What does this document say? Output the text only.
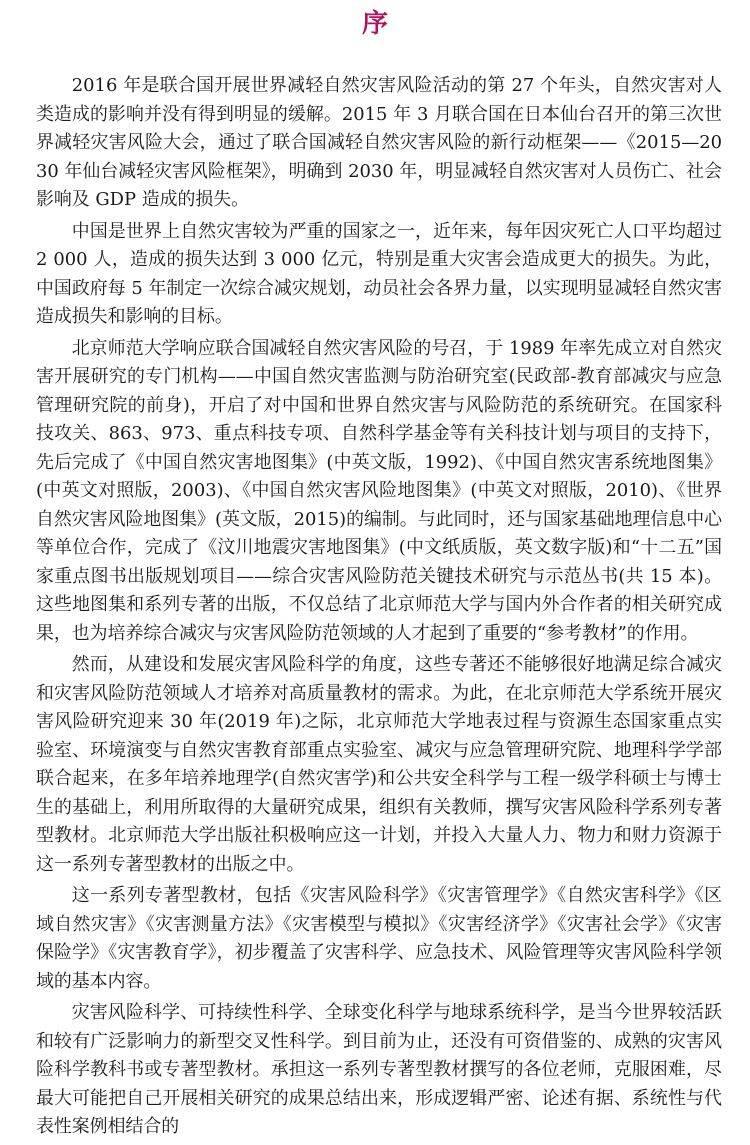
序

2016 年是联合国开展世界减轻自然灾害风险活动的第 27 个年头，自然灾害对人类造成的影响并没有得到明显的缓解。2015 年 3 月联合国在日本仙台召开的第三次世界减轻灾害风险大会，通过了联合国减轻自然灾害风险的新行动框架——《2015—2030 年仙台减轻灾害风险框架》，明确到 2030 年，明显减轻自然灾害对人员伤亡、社会影响及 GDP 造成的损失。

中国是世界上自然灾害较为严重的国家之一，近年来，每年因灾死亡人口平均超过 2 000 人，造成的损失达到 3 000 亿元，特别是重大灾害会造成更大的损失。为此，中国政府每 5 年制定一次综合减灾规划，动员社会各界力量，以实现明显减轻自然灾害造成损失和影响的目标。

北京师范大学响应联合国减轻自然灾害风险的号召，于 1989 年率先成立对自然灾害开展研究的专门机构——中国自然灾害监测与防治研究室(民政部-教育部减灾与应急管理研究院的前身)，开启了对中国和世界自然灾害与风险防范的系统研究。在国家科技攻关、863、973、重点科技专项、自然科学基金等有关科技计划与项目的支持下，先后完成了《中国自然灾害地图集》(中英文版，1992)、《中国自然灾害系统地图集》(中英文对照版，2003)、《中国自然灾害风险地图集》(中英文对照版，2010)、《世界自然灾害风险地图集》(英文版，2015)的编制。与此同时，还与国家基础地理信息中心等单位合作，完成了《汶川地震灾害地图集》(中文纸质版，英文数字版)和“十二五”国家重点图书出版规划项目——综合灾害风险防范关键技术研究与示范丛书(共 15 本)。这些地图集和系列专著的出版，不仅总结了北京师范大学与国内外合作者的相关研究成果，也为培养综合减灾与灾害风险防范领域的人才起到了重要的“参考教材”的作用。

然而，从建设和发展灾害风险科学的角度，这些专著还不能够很好地满足综合减灾和灾害风险防范领域人才培养对高质量教材的需求。为此，在北京师范大学系统开展灾害风险研究迎来 30 年(2019 年)之际，北京师范大学地表过程与资源生态国家重点实验室、环境演变与自然灾害教育部重点实验室、减灾与应急管理研究院、地理科学学部联合起来，在多年培养地理学(自然灾害学)和公共安全科学与工程一级学科硕士与博士生的基础上，利用所取得的大量研究成果，组织有关教师，撰写灾害风险科学系列专著型教材。北京师范大学出版社积极响应这一计划，并投入大量人力、物力和财力资源于这一系列专著型教材的出版之中。

这一系列专著型教材，包括《灾害风险科学》《灾害管理学》《自然灾害科学》《区域自然灾害》《灾害测量方法》《灾害模型与模拟》《灾害经济学》《灾害社会学》《灾害保险学》《灾害教育学》，初步覆盖了灾害科学、应急技术、风险管理等灾害风险科学领域的基本内容。

灾害风险科学、可持续性科学、全球变化科学与地球系统科学，是当今世界较活跃和较有广泛影响力的新型交叉性科学。到目前为止，还没有可资借鉴的、成熟的灾害风险科学教科书或专著型教材。承担这一系列专著型教材撰写的各位老师，克服困难，尽最大可能把自己开展相关研究的成果总结出来，形成逻辑严密、论述有据、系统性与代表性案例相结合的
